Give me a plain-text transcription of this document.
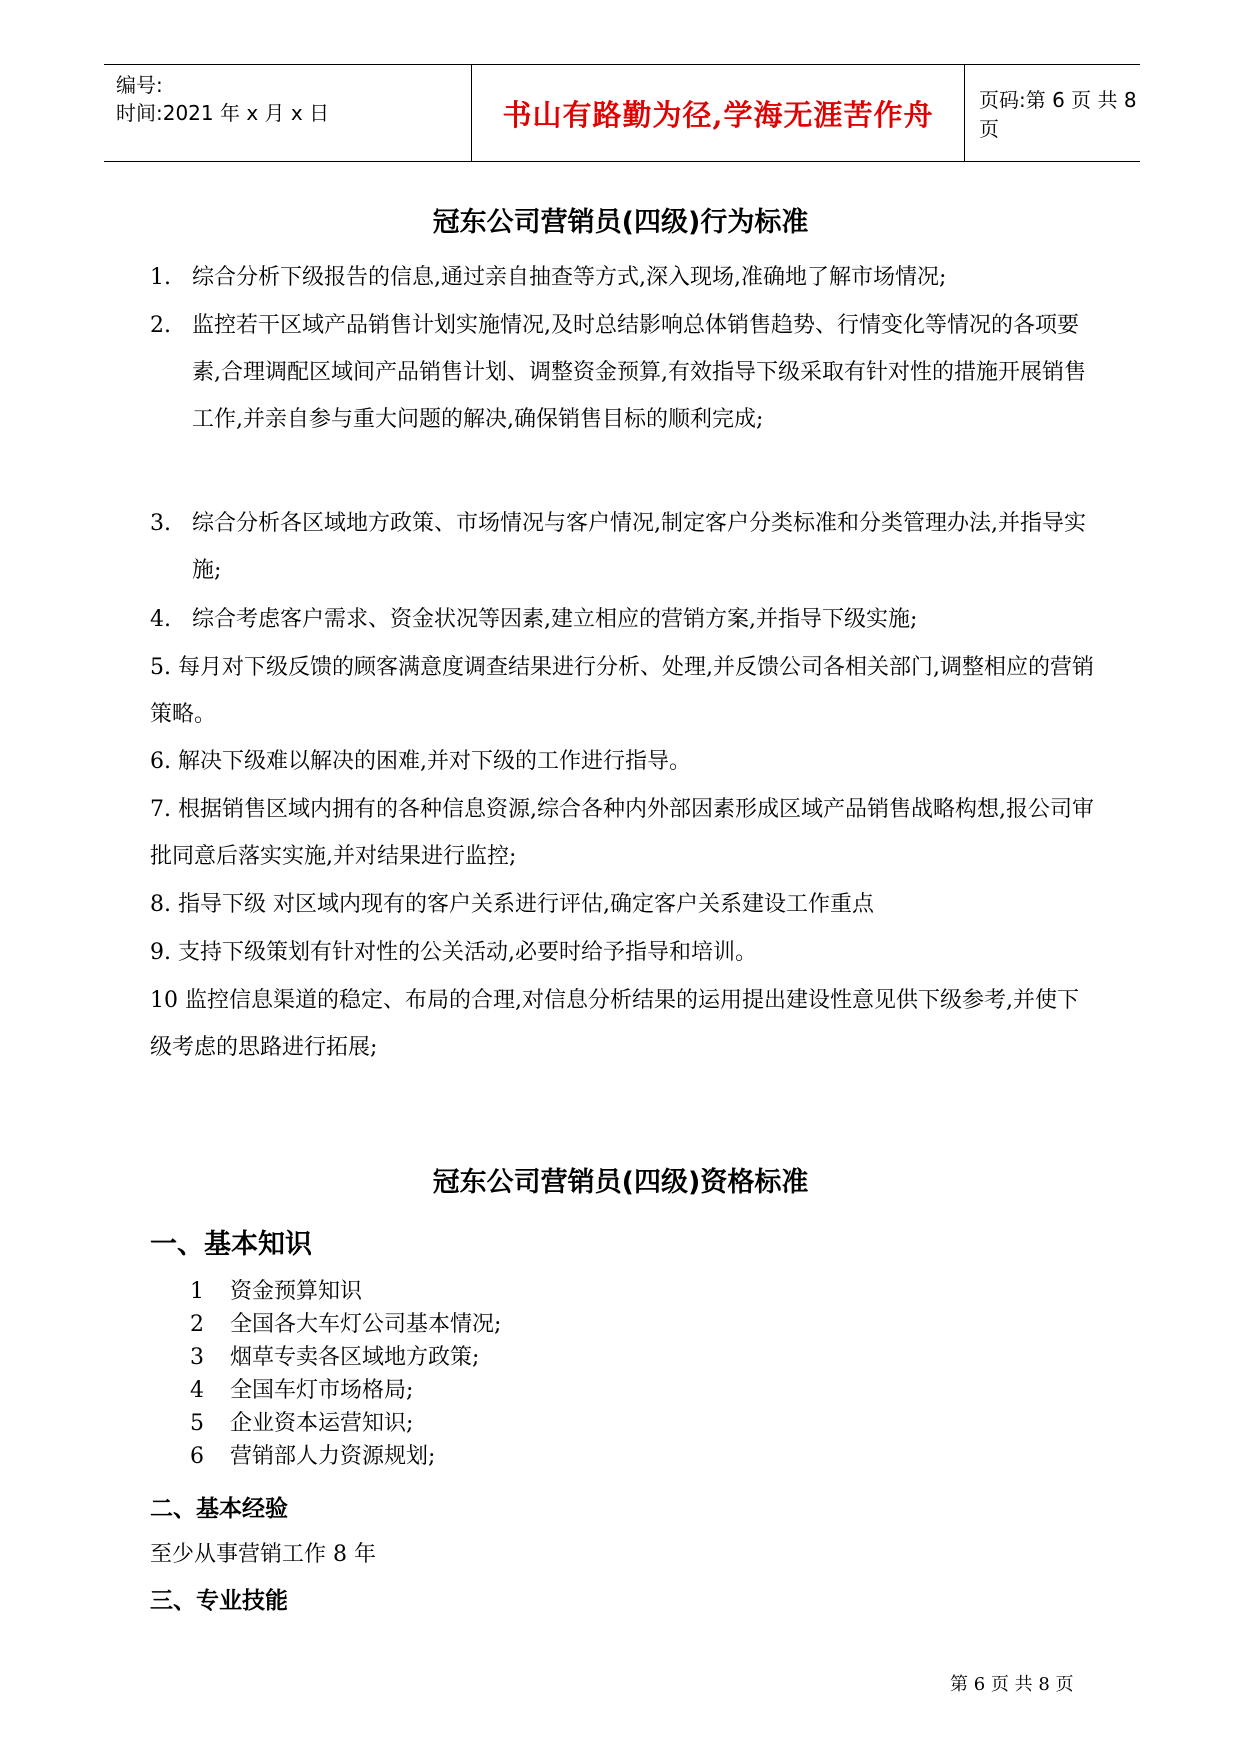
编号:
时间:2021 年 x 月 x 日	书山有路勤为径,学海无涯苦作舟	页码:第 6 页 共 8 页
冠东公司营销员(四级)行为标准
1. 综合分析下级报告的信息,通过亲自抽查等方式,深入现场,准确地了解市场情况;
2. 监控若干区域产品销售计划实施情况,及时总结影响总体销售趋势、行情变化等情况的各项要素,合理调配区域间产品销售计划、调整资金预算,有效指导下级采取有针对性的措施开展销售工作,并亲自参与重大问题的解决,确保销售目标的顺利完成;
3. 综合分析各区域地方政策、市场情况与客户情况,制定客户分类标准和分类管理办法,并指导实施;
4. 综合考虑客户需求、资金状况等因素,建立相应的营销方案,并指导下级实施;
5. 每月对下级反馈的顾客满意度调查结果进行分析、处理,并反馈公司各相关部门,调整相应的营销策略。
6. 解决下级难以解决的困难,并对下级的工作进行指导。
7. 根据销售区域内拥有的各种信息资源,综合各种内外部因素形成区域产品销售战略构想,报公司审批同意后落实实施,并对结果进行监控;
8. 指导下级 对区域内现有的客户关系进行评估,确定客户关系建设工作重点
9. 支持下级策划有针对性的公关活动,必要时给予指导和培训。
10 监控信息渠道的稳定、布局的合理,对信息分析结果的运用提出建设性意见供下级参考,并使下级考虑的思路进行拓展;
冠东公司营销员(四级)资格标准
一、基本知识
1 资金预算知识
2 全国各大车灯公司基本情况;
3 烟草专卖各区域地方政策;
4 全国车灯市场格局;
5 企业资本运营知识;
6 营销部人力资源规划;
二、基本经验
至少从事营销工作 8 年
三、专业技能
第 6 页 共 8 页
